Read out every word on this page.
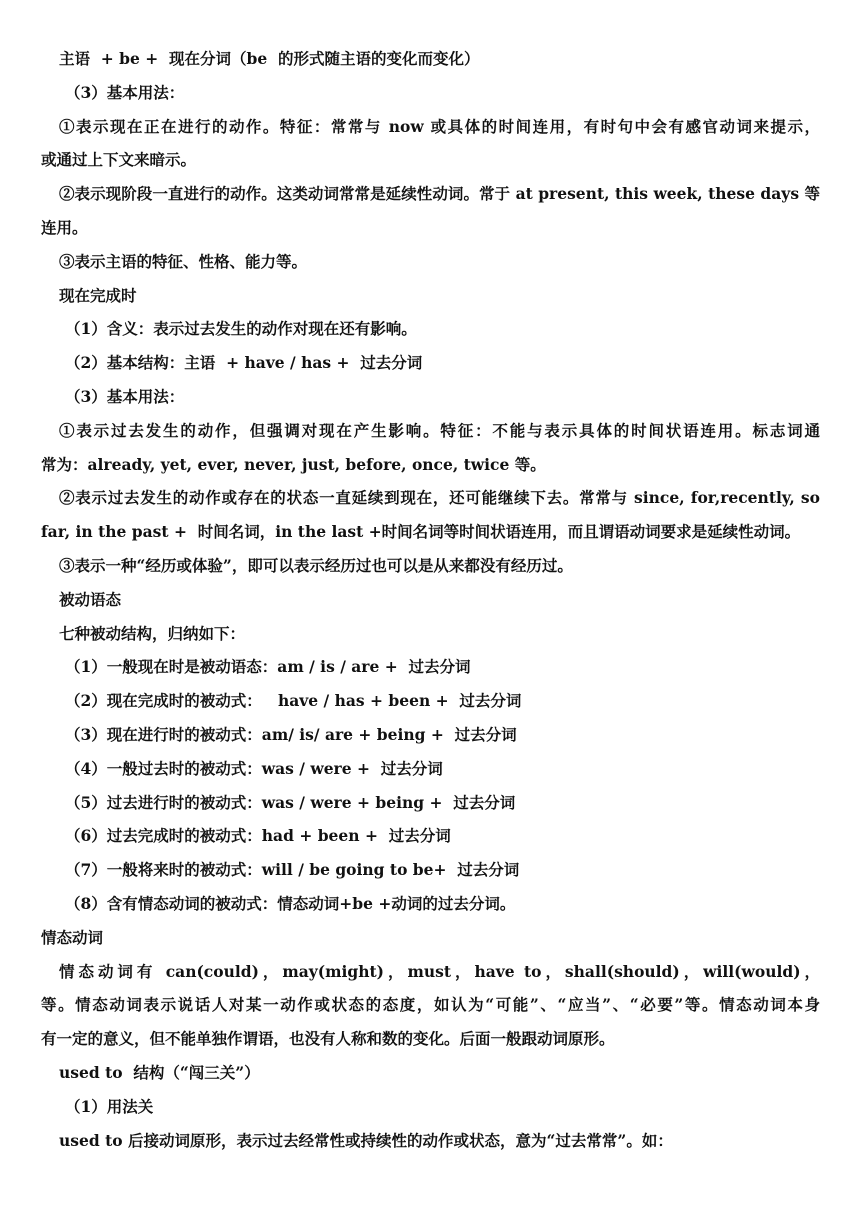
主语  + be +  现在分词（be  的形式随主语的变化而变化）
（3）基本用法：
①表示现在正在进行的动作。特征：常常与 now 或具体的时间连用，有时句中会有感官动词来提示，
或通过上下文来暗示。
②表示现阶段一直进行的动作。这类动词常常是延续性动词。常于 at present, this week, these days 等
连用。
③表示主语的特征、性格、能力等。
现在完成时
（1）含义：表示过去发生的动作对现在还有影响。
（2）基本结构：主语  + have / has +  过去分词
（3）基本用法：
①表示过去发生的动作，但强调对现在产生影响。特征：不能与表示具体的时间状语连用。标志词通
常为：already, yet, ever, never, just, before, once, twice 等。
②表示过去发生的动作或存在的状态一直延续到现在，还可能继续下去。常常与 since, for,recently, so
far, in the past +  时间名词，in the last +时间名词等时间状语连用，而且谓语动词要求是延续性动词。
③表示一种“经历或体验”，即可以表示经历过也可以是从来都没有经历过。
被动语态
七种被动结构，归纳如下：
（1）一般现在时是被动语态：am / is / are +  过去分词
（2）现在完成时的被动式：   have / has + been +  过去分词
（3）现在进行时的被动式：am/ is/ are + being +  过去分词
（4）一般过去时的被动式：was / were +  过去分词
（5）过去进行时的被动式：was / were + being +  过去分词
（6）过去完成时的被动式：had + been +  过去分词
（7）一般将来时的被动式：will / be going to be+  过去分词
（8）含有情态动词的被动式：情态动词+be +动词的过去分词。
情态动词
情态动词有 can(could)，may(might)，must，have to，shall(should)，will(would)，
等。情态动词表示说话人对某一动作或状态的态度，如认为“可能”、“应当”、“必要”等。情态动词本身
有一定的意义，但不能单独作谓语，也没有人称和数的变化。后面一般跟动词原形。
used to  结构（“闯三关”）
（1）用法关
used to 后接动词原形，表示过去经常性或持续性的动作或状态，意为“过去常常”。如：
